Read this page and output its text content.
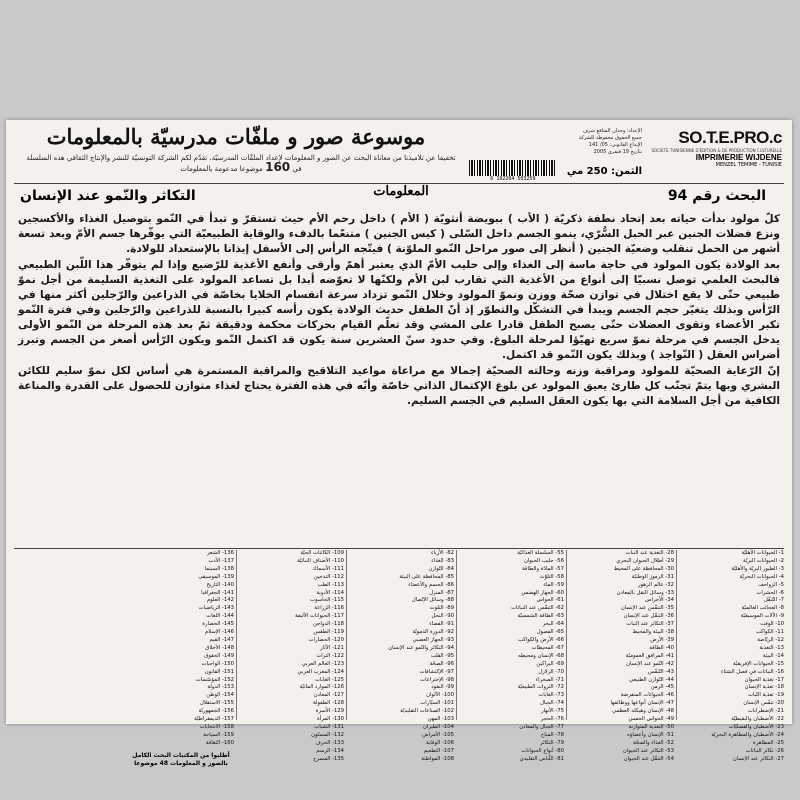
SO.T.E.PRO.c
SOCIETE TUNISIENNE D'EDITION & DE PRODUCTION CULTURELLE
IMPRIMERIE WIJDENE
MENZEL TEMIME - TUNISIE
الإعداد: وجدان الشافع شرف
جميع الحقوق محفوظة للشركة
الإيداع القانوني: 05/ 141
بتاريخ 19 فيفري 2005
6 192204 503259
الثمن: 250 مي
موسوعة صور و ملفّات مدرسيّة بالمعلومات
تخفيفا عن تلاميذنا من معاناة البحث عن الصور و المعلومات لإعداد الملفّات المدرسيّة، تقدّم لكم الشركة التونسيّة للنشر والإنتاج الثقافي هذه السلسلة في 160 موضوعا مدعومة بالمعلومات
المعلومات	البحث رقم 94
التكاثر والنّمو عند الإنسان

كلّ مولود بدأت حياته بعد إتحاد نطفة ذكريّة ( الأب ) ببويضة أنثويّة ( الأم ) داخل رحم الأم حيث تستقرّ و تبدأ في النّمو بتوصيل الغذاء والأكسجين ونزع فضلات الجنين عبر الحبل السُّرّي، ينمو الجسم داخل السّلى ( كيس الجنين ) متنعّما بالدفء والوقاية الطبيعيّة التي يوفّرها جسم الأمّ وبعد تسعة أشهر من الحمل تنقلب وضعيّة الجنين ( أنظر إلى صور مراحل النّمو الملوّنة ) فيتّجه الرأس إلى الأسفل إيذانا بالإستعداد للولادة.

بعد الولادة يكون المولود في حاجة ماسة إلى الغذاء وإلى حليب الأمّ الذي يعتبر أهمّ وأرقى وأنفع الأغذية للرّضيع وإذا لم يتوفّر هذا اللّبن الطبيعي فالبحث العلمي توصل نسبيّا إلى أنواع من الأغذية التي تقارب لبن الأم ولكنّها لا تعوّضه أبدا بل تساعد المولود على التغذية السليمة من أجل نموّ طبيعي حتّى لا يقع اختلال في توازن صحّة ووزن ونموّ المولود وخلال النّمو تزداد سرعة انقسام الخلايا بخاصّة في الذراعين والرّجلين أكثر منها في الرّأس وبذلك يتغيّر حجم الجسم ويبدأ في التشكّل والتطوّر إذ أنّ الطفل حديث الولادة يكون رأسه كبيرا بالنسبة للذراعين والرّجلين وفي فترة النّمو تكبر الأعضاء وتقوى العضلات حتّى يصبح الطفل قادرا على المشي وقد تعلّم القيام بحركات محكمة ودقيقة ثمّ بعد هذه المرحلة من النّمو الأولى يدخل الجسم في مرحلة نموّ سريع تهيّؤا لمرحلة البلوغ. وفي حدود سنّ العشرين سنة يكون قد اكتمل النّمو ويكون الرّأس أصغر من الجسم وتبرز أضراس العقل ( النّواجذ ) وبذلك يكون النّمو قد اكتمل.

إنّ الرّعاية الصحيّة للمولود ومراقبة وزنه وحالته الصحيّة إجمالا مع مراعاة مواعيد التلاقيح والمراقبة المستمرة هي أساس لكل نموّ سليم للكائن البشري وبها يتمّ تجنّب كل طارئ يعيق المولود عن بلوغ الإكتمال الذاتي خاصّة وأنّه في هذه الفترة يحتاج لغذاء متوازن للحصول على القدرة والمناعة الكافية من أجل السلامة التي بها يكون العقل السليم في الجسم السليم.

1- الحيوانات الأهليّة
2- الحيوانات البريّة
3- الطيور البريّة والأهليّة
4- الحيوانات البحريّة
5- الزواحف
6- الحشرات
7- التّنقّل
8- العجائب العالميّة
9- الآلات الموسيقيّة
10- الوقت
11- الكواكب
12- الريّاضة
13- التغذية
14- البيئة
15- الحيوانات الإفريقيّة
16- النباتات في فصل الشتاء
17- تغذية الحيوان
18- تغذية الإنسان
19- تغذية النّبات
20- تنفّس الإنسان
21- الإضطرابات
22- الأصطبان والبقيطيّة
23- الأصطبان والفصليّات
24- الأصطبان والمطاهرة البحريّة
25- المطاهرة
26- تكاثر النباتات
27- النكاثر عند الإنسان
28- التغذية عند النبات
29- أطلال الحيوان البحري
30- المحافظة على المحيط
31- الرموز الوطنيّة
32- عالم الزهور
33- وسائل النقل بالمعادن
34- الأجراس
35- التنفّس عند الإنسان
36- التنقّل عند الإنسان
37- التكاثر عند النبات
38- البيئة والمحيط
39- الأرض
40- الطاقة
41- المرافق العموميّة
42- النّمو عند الإنسان
43- التّنفّس
44- التّوازن الطبيعي
45- الزمن
46- الحيوانات المنقرضة
47- الإنسان أنواعها ووظائفها
48- الإنسان وهيكله العظمي
49- الحواس الخمس
50- التغذية المتوازنة
51- الإنسان وأعضاؤه
52- الغذاء والصحّة
53- التكاثر عند الحيوان
54- التنقّل عند الحيوان
55- السلسلة الغذائيّة
56- حليب الحيوان
57- المادّة والطاقة
58- التلوّث
59- الماء
60- الجهاز الهضمي
61- الحواس
62- التنفّس عند النباتات
63- الطاقة الشمسيّة
64- البحر
65- الفصول
66- الأرض والكواكب
67- المحيطات
68- الإنسان ومحيطه
69- البراكين
70- الزلازل
71- الصحراء
72- الثروات الطبيعيّة
73- الغابات
74- الجبال
75- الأنهار
76- الحجر
77- الجبال والمعادن
78- المناخ
79- التكاثر
80- أنواع الحيوانات
81- اللّباس التقليدي
82- الأزياء
83- الغذاء
84- التّوازن
85- المحافظة على البيئة
86- الجسم والأعضاء
87- المنزل
88- وسائل الإتّصال
89- التلوث
90- النحل
91- الفضاء
92- الدورة الدمويّة
93- الجهاز العصبي
94- التكاثر والنّمو عند الإنسان
95- القلب
96- الصحّة
97- الإكتشافات
98- الإختراعات
99- النقود
100- الألوان
101- السيّارات
102- الصناعات التقليديّة
103- المهن
104- الطيران
105- الأمراض
106- الوقاية
107- التطعيم
108- المواطنة
109- الكائنات الحيّة
110- الأصناف النباتيّة
111- الأسماك
112- التدخين
113- الطب
114- الأدوية
115- الحاسوب
116- الزراعة
117- الحيوانات الأليفة
118- الدواجن
119- الطقس
120- الحضارات
121- الآثار
122- التراث
123- العالم العربي
124- المغرب العربي
125- الغابات
126- الموارد المائيّة
127- المعادن
128- الطفولة
129- الأسرة
130- المرأة
131- الشباب
132- المسنّون
133- الحرف
134- الرسم
135- المسرح
136- الشعر
137- الأدب
138- السينما
139- الموسيقى
140- التاريخ
141- الجغرافيا
142- العلوم
143- الرياضيات
144- اللغات
145- الحضارة
146- الإسلام
147- القيم
148- الأخلاق
149- الحقوق
150- الواجبات
151- القانون
152- المؤسّسات
153- الدولة
154- الوطن
155- الاستقلال
156- الجمهوريّة
157- الديمقراطيّة
158- الانتخابات
159- السياحة
160- الثقافة
أطلبوا من المكتبات البحث الكامل بالصور و المعلومات 48 موضوعا
